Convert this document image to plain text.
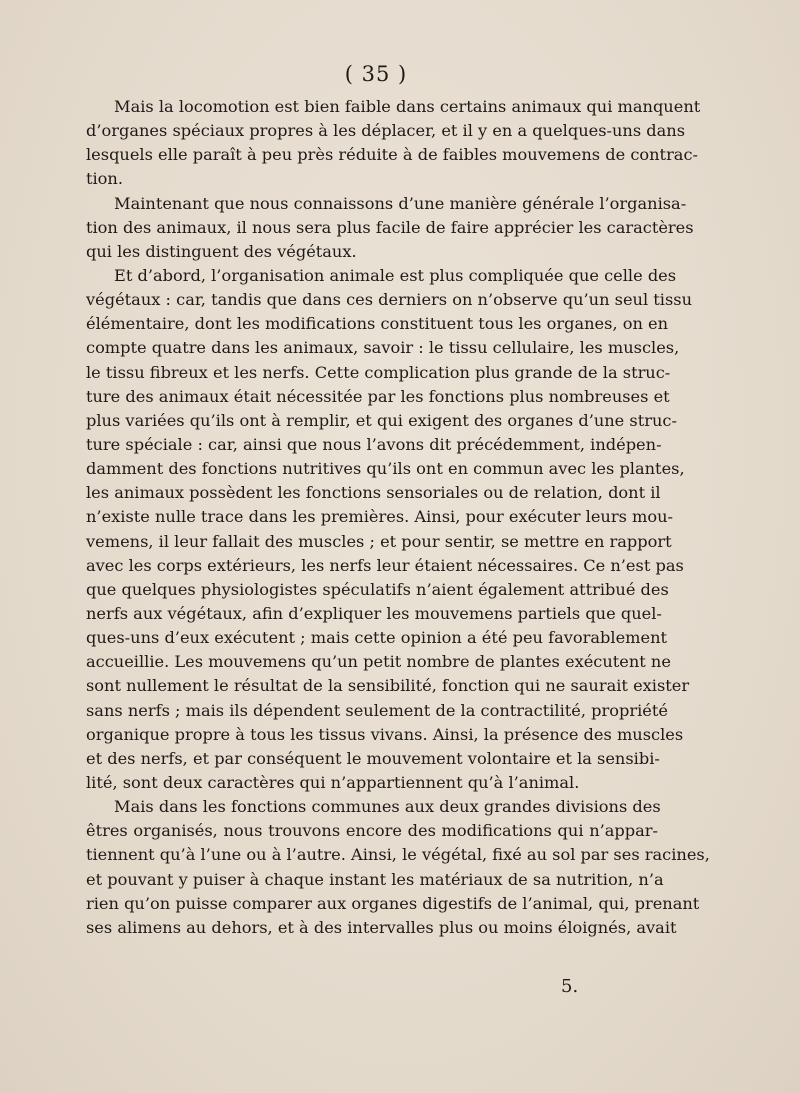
( 35 )
Mais la locomotion est bien faible dans certains animaux qui manquent
d’organes spéciaux propres à les déplacer, et il y en a quelques-uns dans
lesquels elle paraît à peu près réduite à de faibles mouvemens de contrac-
tion.
Maintenant que nous connaissons d’une manière générale l’organisa-
tion des animaux, il nous sera plus facile de faire apprécier les caractères
qui les distinguent des végétaux.
Et d’abord, l’organisation animale est plus compliquée que celle des
végétaux : car, tandis que dans ces derniers on n’observe qu’un seul tissu
élémentaire, dont les modifications constituent tous les organes, on en
compte quatre dans les animaux, savoir : le tissu cellulaire, les muscles,
le tissu fibreux et les nerfs. Cette complication plus grande de la struc-
ture des animaux était nécessitée par les fonctions plus nombreuses et
plus variées qu’ils ont à remplir, et qui exigent des organes d’une struc-
ture spéciale : car, ainsi que nous l’avons dit précédemment, indépen-
damment des fonctions nutritives qu’ils ont en commun avec les plantes,
les animaux possèdent les fonctions sensoriales ou de relation, dont il
n’existe nulle trace dans les premières. Ainsi, pour exécuter leurs mou-
vemens, il leur fallait des muscles ; et pour sentir, se mettre en rapport
avec les corps extérieurs, les nerfs leur étaient nécessaires. Ce n’est pas
que quelques physiologistes spéculatifs n’aient également attribué des
nerfs aux végétaux, afin d’expliquer les mouvemens partiels que quel-
ques-uns d’eux exécutent ; mais cette opinion a été peu favorablement
accueillie. Les mouvemens qu’un petit nombre de plantes exécutent ne
sont nullement le résultat de la sensibilité, fonction qui ne saurait exister
sans nerfs ; mais ils dépendent seulement de la contractilité, propriété
organique propre à tous les tissus vivans. Ainsi, la présence des muscles
et des nerfs, et par conséquent le mouvement volontaire et la sensibi-
lité, sont deux caractères qui n’appartiennent qu’à l’animal.
Mais dans les fonctions communes aux deux grandes divisions des
êtres organisés, nous trouvons encore des modifications qui n’appar-
tiennent qu’à l’une ou à l’autre. Ainsi, le végétal, fixé au sol par ses racines,
et pouvant y puiser à chaque instant les matériaux de sa nutrition, n’a
rien qu’on puisse comparer aux organes digestifs de l’animal, qui, prenant
ses alimens au dehors, et à des intervalles plus ou moins éloignés, avait
5.
